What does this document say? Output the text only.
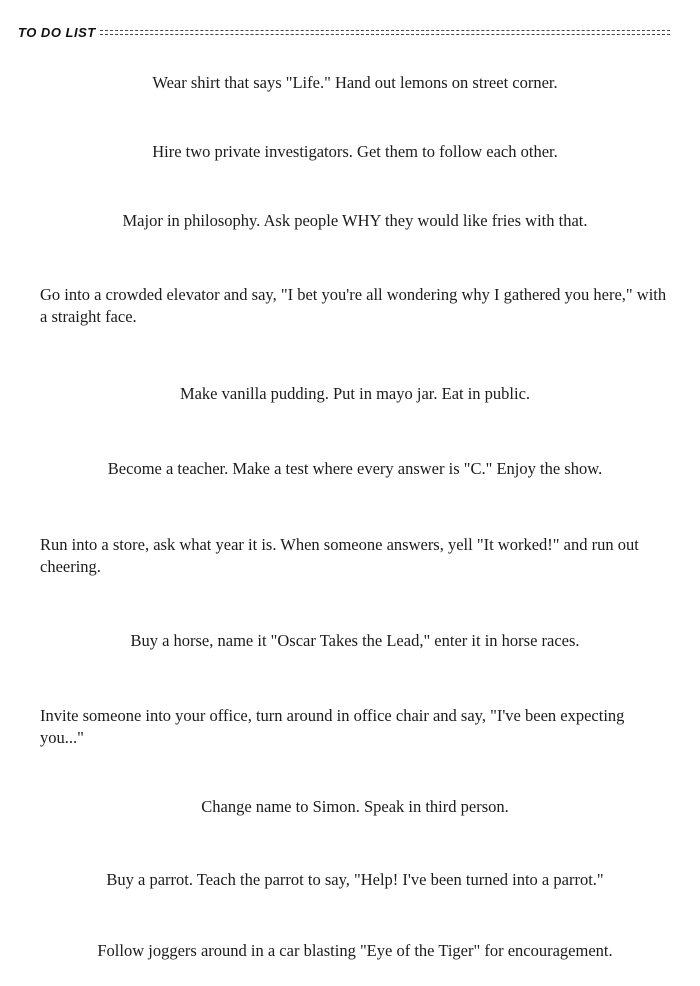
TO DO LIST
Wear shirt that says "Life." Hand out lemons on street corner.
Hire two private investigators. Get them to follow each other.
Major in philosophy. Ask people WHY they would like fries with that.
Go into a crowded elevator and say, "I bet you're all wondering why I gathered you here," with a straight face.
Make vanilla pudding. Put in mayo jar. Eat in public.
Become a teacher. Make a test where every answer is "C." Enjoy the show.
Run into a store, ask what year it is. When someone answers, yell "It worked!" and run out cheering.
Buy a horse, name it "Oscar Takes the Lead," enter it in horse races.
Invite someone into your office, turn around in office chair and say, "I've been expecting you..."
Change name to Simon. Speak in third person.
Buy a parrot. Teach the parrot to say, "Help! I've been turned into a parrot."
Follow joggers around in a car blasting "Eye of the Tiger" for encouragement.
